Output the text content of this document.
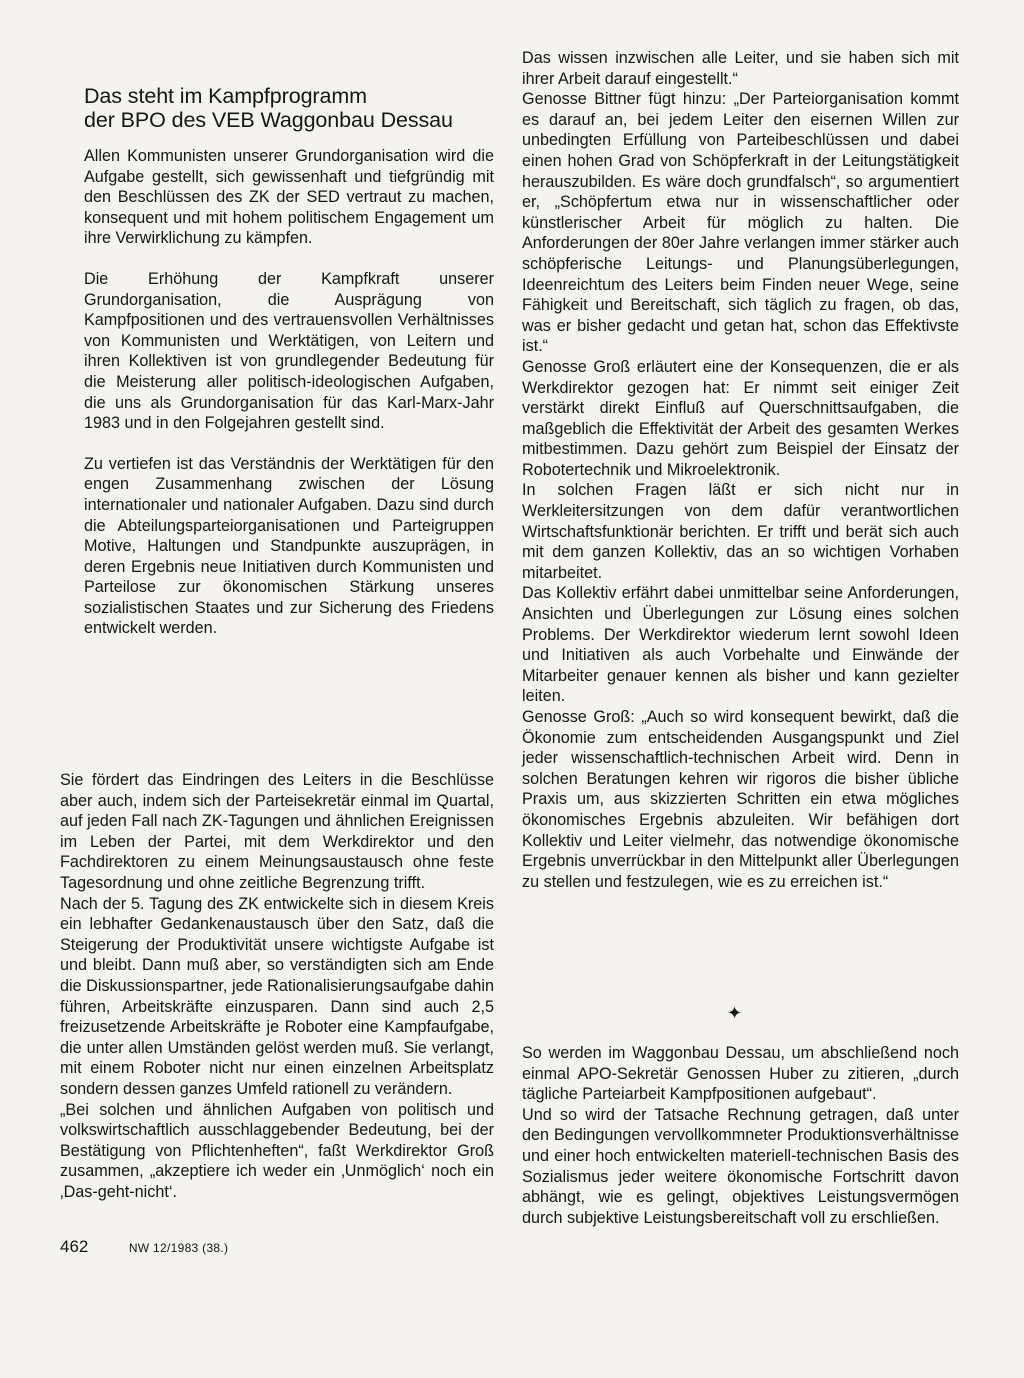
Das steht im Kampfprogramm
der BPO des VEB Waggonbau Dessau

Allen Kommunisten unserer Grundorganisation wird die Aufgabe gestellt, sich gewissenhaft und tiefgründig mit den Beschlüssen des ZK der SED vertraut zu machen, konsequent und mit hohem politischem Engagement um ihre Verwirklichung zu kämpfen.

Die Erhöhung der Kampfkraft unserer Grundorganisation, die Ausprägung von Kampfpositionen und des vertrauensvollen Verhältnisses von Kommunisten und Werktätigen, von Leitern und ihren Kollektiven ist von grundlegender Bedeutung für die Meisterung aller politisch-ideologischen Aufgaben, die uns als Grundorganisation für das Karl-Marx-Jahr 1983 und in den Folgejahren gestellt sind.

Zu vertiefen ist das Verständnis der Werktätigen für den engen Zusammenhang zwischen der Lösung internationaler und nationaler Aufgaben. Dazu sind durch die Abteilungsparteiorganisationen und Parteigruppen Motive, Haltungen und Standpunkte auszuprägen, in deren Ergebnis neue Initiativen durch Kommunisten und Parteilose zur ökonomischen Stärkung unseres sozialistischen Staates und zur Sicherung des Friedens entwickelt werden.

Sie fördert das Eindringen des Leiters in die Beschlüsse aber auch, indem sich der Parteisekretär einmal im Quartal, auf jeden Fall nach ZK-Tagungen und ähnlichen Ereignissen im Leben der Partei, mit dem Werkdirektor und den Fachdirektoren zu einem Meinungsaustausch ohne feste Tagesordnung und ohne zeitliche Begrenzung trifft.

Nach der 5. Tagung des ZK entwickelte sich in diesem Kreis ein lebhafter Gedankenaustausch über den Satz, daß die Steigerung der Produktivität unsere wichtigste Aufgabe ist und bleibt. Dann muß aber, so verständigten sich am Ende die Diskussionspartner, jede Rationalisierungsaufgabe dahin führen, Arbeitskräfte einzusparen. Dann sind auch 2,5 freizusetzende Arbeitskräfte je Roboter eine Kampfaufgabe, die unter allen Umständen gelöst werden muß. Sie verlangt, mit einem Roboter nicht nur einen einzelnen Arbeitsplatz sondern dessen ganzes Umfeld rationell zu verändern.

„Bei solchen und ähnlichen Aufgaben von politisch und volkswirtschaftlich ausschlaggebender Bedeutung, bei der Bestätigung von Pflichtenheften“, faßt Werkdirektor Groß zusammen, „akzeptiere ich weder ein ‚Unmöglich‘ noch ein ‚Das-geht-nicht‘.

Das wissen inzwischen alle Leiter, und sie haben sich mit ihrer Arbeit darauf eingestellt.“

Genosse Bittner fügt hinzu: „Der Parteiorganisation kommt es darauf an, bei jedem Leiter den eisernen Willen zur unbedingten Erfüllung von Parteibeschlüssen und dabei einen hohen Grad von Schöpferkraft in der Leitungstätigkeit herauszubilden. Es wäre doch grundfalsch“, so argumentiert er, „Schöpfertum etwa nur in wissenschaftlicher oder künstlerischer Arbeit für möglich zu halten. Die Anforderungen der 80er Jahre verlangen immer stärker auch schöpferische Leitungs- und Planungsüberlegungen, Ideenreichtum des Leiters beim Finden neuer Wege, seine Fähigkeit und Bereitschaft, sich täglich zu fragen, ob das, was er bisher gedacht und getan hat, schon das Effektivste ist.“

Genosse Groß erläutert eine der Konsequenzen, die er als Werkdirektor gezogen hat: Er nimmt seit einiger Zeit verstärkt direkt Einfluß auf Querschnittsaufgaben, die maßgeblich die Effektivität der Arbeit des gesamten Werkes mitbestimmen. Dazu gehört zum Beispiel der Einsatz der Robotertechnik und Mikroelektronik.

In solchen Fragen läßt er sich nicht nur in Werkleitersitzungen von dem dafür verantwortlichen Wirtschaftsfunktionär berichten. Er trifft und berät sich auch mit dem ganzen Kollektiv, das an so wichtigen Vorhaben mitarbeitet.

Das Kollektiv erfährt dabei unmittelbar seine Anforderungen, Ansichten und Überlegungen zur Lösung eines solchen Problems. Der Werkdirektor wiederum lernt sowohl Ideen und Initiativen als auch Vorbehalte und Einwände der Mitarbeiter genauer kennen als bisher und kann gezielter leiten.

Genosse Groß: „Auch so wird konsequent bewirkt, daß die Ökonomie zum entscheidenden Ausgangspunkt und Ziel jeder wissenschaftlich-technischen Arbeit wird. Denn in solchen Beratungen kehren wir rigoros die bisher übliche Praxis um, aus skizzierten Schritten ein etwa mögliches ökonomisches Ergebnis abzuleiten. Wir befähigen dort Kollektiv und Leiter vielmehr, das notwendige ökonomische Ergebnis unverrückbar in den Mittelpunkt aller Überlegungen zu stellen und festzulegen, wie es zu erreichen ist.“

✦

So werden im Waggonbau Dessau, um abschließend noch einmal APO-Sekretär Genossen Huber zu zitieren, „durch tägliche Parteiarbeit Kampfpositionen aufgebaut“.

Und so wird der Tatsache Rechnung getragen, daß unter den Bedingungen vervollkommneter Produktionsverhältnisse und einer hoch entwickelten materiell-technischen Basis des Sozialismus jeder weitere ökonomische Fortschritt davon abhängt, wie es gelingt, objektives Leistungsvermögen durch subjektive Leistungsbereitschaft voll zu erschließen.

462	NW 12/1983 (38.)
